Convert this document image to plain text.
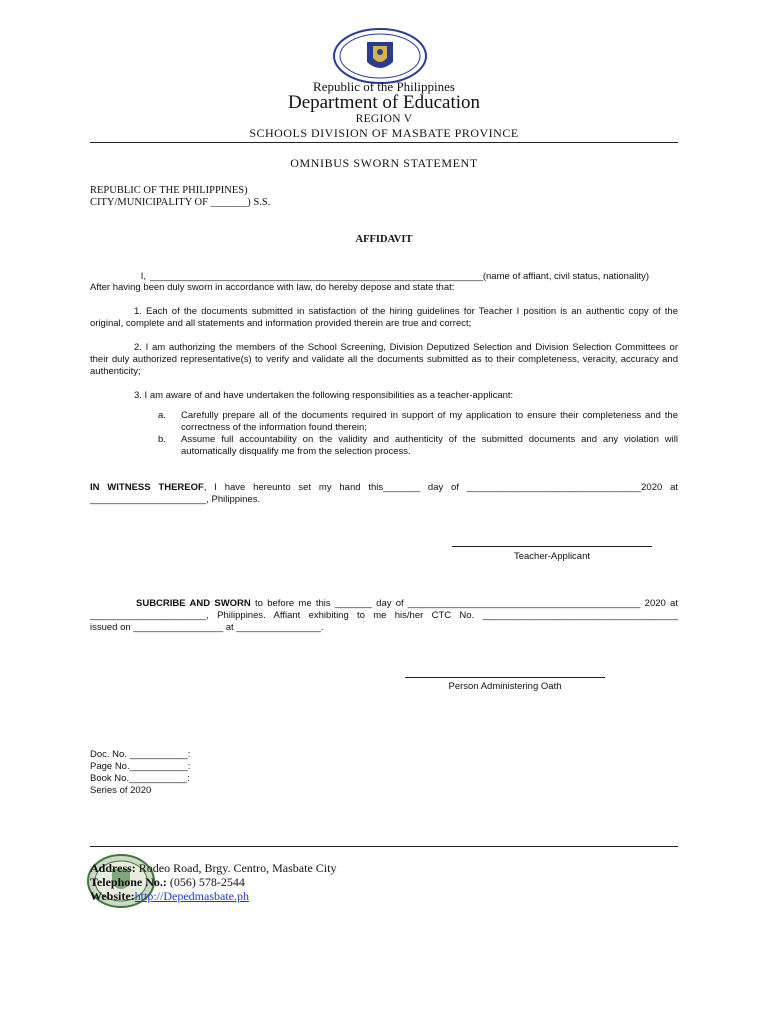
Republic of the Philippines
Department of Education
REGION V
SCHOOLS DIVISION OF MASBATE PROVINCE
OMNIBUS SWORN STATEMENT
REPUBLIC OF THE PHILIPPINES)
CITY/MUNICIPALITY OF _______) S.S.
AFFIDAVIT
I, _______________________________________________________________(name of affiant, civil status, nationality)
After having been duly sworn in accordance with law, do hereby depose and state that:
1. Each of the documents submitted in satisfaction of the hiring guidelines for Teacher I position is an authentic copy of the original, complete and all statements and information provided therein are true and correct;
2. I am authorizing the members of the School Screening, Division Deputized Selection and Division Selection Committees or their duly authorized representative(s) to verify and validate all the documents submitted as to their completeness, veracity, accuracy and authenticity;
3. I am aware of and have undertaken the following responsibilities as a teacher-applicant:
a. Carefully prepare all of the documents required in support of my application to ensure their completeness and the correctness of the information found therein;
b. Assume full accountability on the validity and authenticity of the submitted documents and any violation will automatically disqualify me from the selection process.
IN WITNESS THEREOF, I have hereunto set my hand this_______ day of _________________________________2020 at
______________________, Philippines.
Teacher-Applicant
SUBCRIBE AND SWORN to before me this _______ day of ____________________________________________ 2020 at
______________________, Philippines. Affiant exhibiting to me his/her CTC No. _____________________________________
issued on _________________ at ________________.
Person Administering Oath
Doc. No. ___________:
Page No.___________:
Book No.___________:
Series of 2020
Address: Rodeo Road, Brgy. Centro, Masbate City
Telephone No.: (056) 578-2544
Website:http://Depedmasbate.ph
